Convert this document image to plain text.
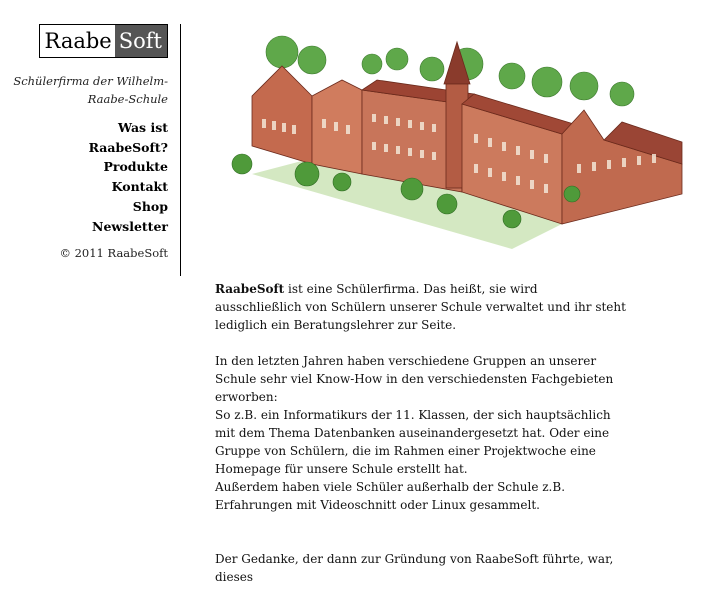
Raabe Soft
Schülerfirma der Wilhelm-Raabe-Schule
Was ist RaabeSoft?
Produkte
Kontakt
Shop
Newsletter
© 2011 RaabeSoft

RaabeSoft ist eine Schülerfirma. Das heißt, sie wird ausschließlich von Schülern unserer Schule verwaltet und ihr steht lediglich ein Beratungslehrer zur Seite.

In den letzten Jahren haben verschiedene Gruppen an unserer Schule sehr viel Know-How in den verschiedensten Fachgebieten erworben:
So z.B. ein Informatikurs der 11. Klassen, der sich hauptsächlich mit dem Thema Datenbanken auseinandergesetzt hat. Oder eine Gruppe von Schülern, die im Rahmen einer Projektwoche eine Homepage für unsere Schule erstellt hat.
Außerdem haben viele Schüler außerhalb der Schule z.B. Erfahrungen mit Videoschnitt oder Linux gesammelt.

Der Gedanke, der dann zur Gründung von RaabeSoft führte, war, dieses
